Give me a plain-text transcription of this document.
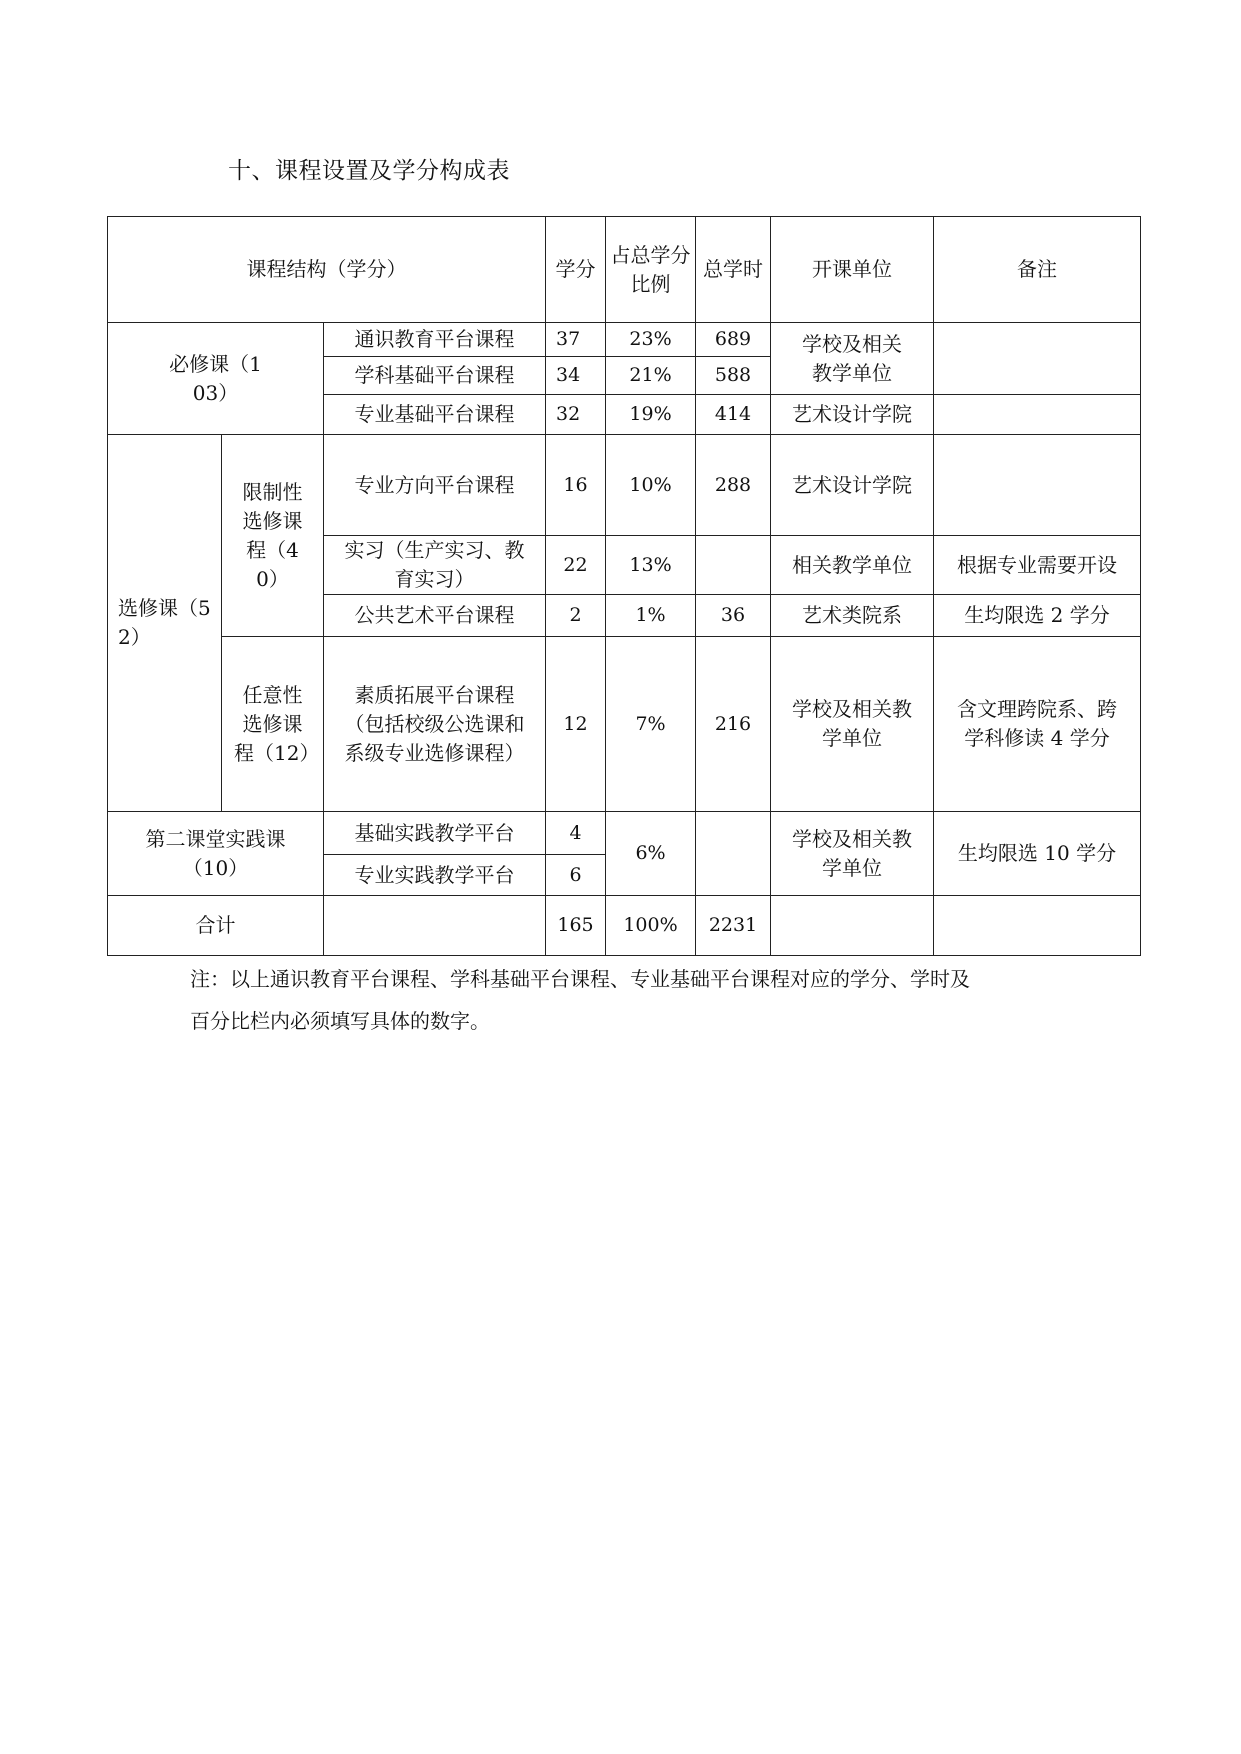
十、课程设置及学分构成表
课程结构（学分）			学分	占总学分比例	总学时	开课单位	备注
必修课（103）		通识教育平台课程	37	23%	689	学校及相关教学单位	
		学科基础平台课程	34	21%	588		
		专业基础平台课程	32	19%	414	艺术设计学院	
选修课（52）	限制性选修课程（40）	专业方向平台课程	16	10%	288	艺术设计学院	
		实习（生产实习、教育实习）	22	13%		相关教学单位	根据专业需要开设
		公共艺术平台课程	2	1%	36	艺术类院系	生均限选 2 学分
	任意性选修课程（12）	素质拓展平台课程（包括校级公选课和系级专业选修课程）	12	7%	216	学校及相关教学单位	含文理跨院系、跨学科修读 4 学分
第二课堂实践课（10）		基础实践教学平台	4	6%		学校及相关教学单位	生均限选 10 学分
		专业实践教学平台	6				
合计			165	100%	2231		
注：以上通识教育平台课程、学科基础平台课程、专业基础平台课程对应的学分、学时及
百分比栏内必须填写具体的数字。
